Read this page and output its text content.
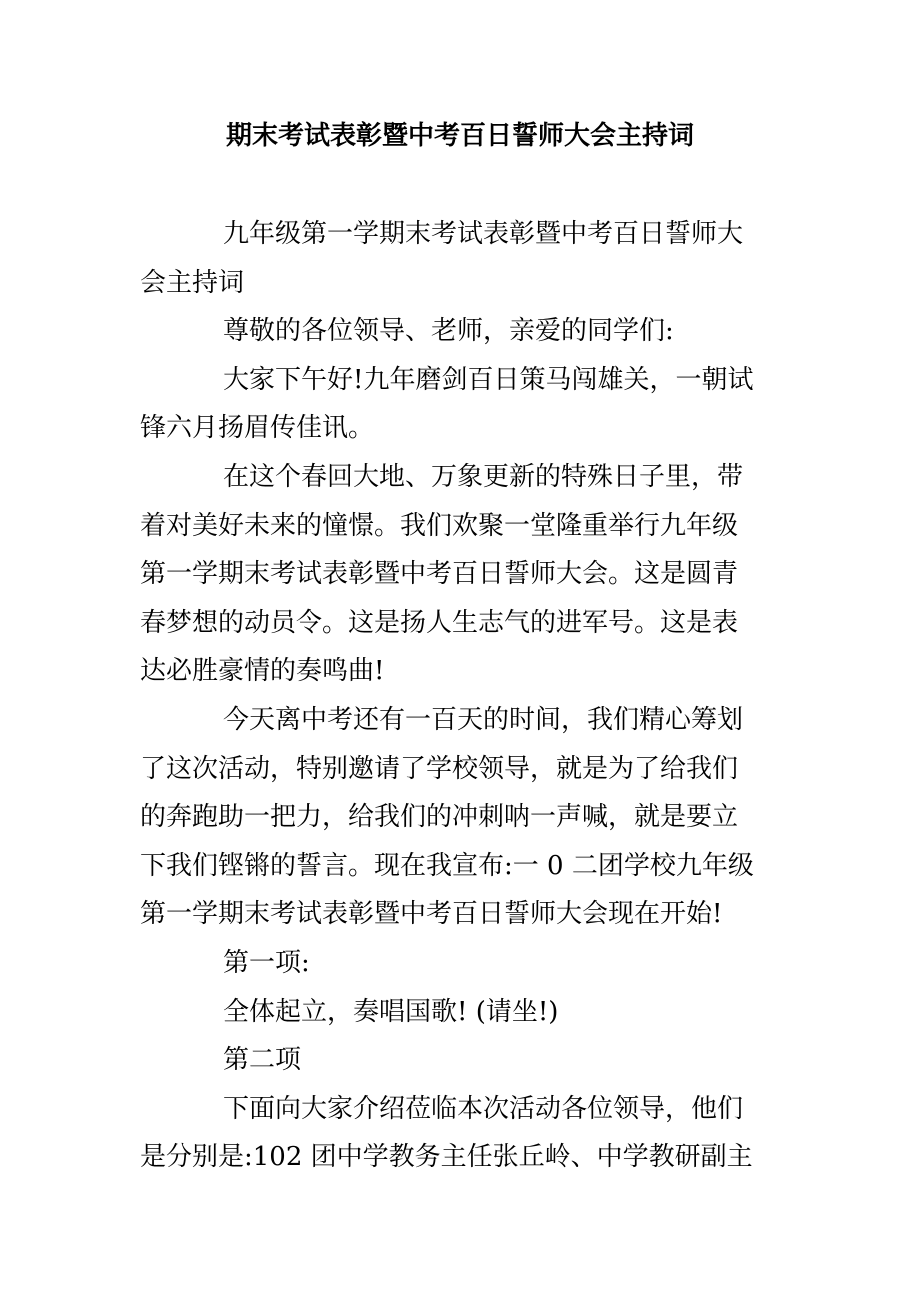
期末考试表彰暨中考百日誓师大会主持词

九年级第一学期末考试表彰暨中考百日誓师大
会主持词

尊敬的各位领导、老师，亲爱的同学们:

大家下午好!九年磨剑百日策马闯雄关，一朝试
锋六月扬眉传佳讯。

在这个春回大地、万象更新的特殊日子里，带
着对美好未来的憧憬。我们欢聚一堂隆重举行九年级
第一学期末考试表彰暨中考百日誓师大会。这是圆青
春梦想的动员令。这是扬人生志气的进军号。这是表
达必胜豪情的奏鸣曲!

今天离中考还有一百天的时间，我们精心筹划
了这次活动，特别邀请了学校领导，就是为了给我们
的奔跑助一把力，给我们的冲刺呐一声喊，就是要立
下我们铿锵的誓言。现在我宣布:一 0 二团学校九年级
第一学期末考试表彰暨中考百日誓师大会现在开始!

第一项:

全体起立，奏唱国歌! (请坐!)

第二项

下面向大家介绍莅临本次活动各位领导，他们
是分别是:102 团中学教务主任张丘岭、中学教研副主
